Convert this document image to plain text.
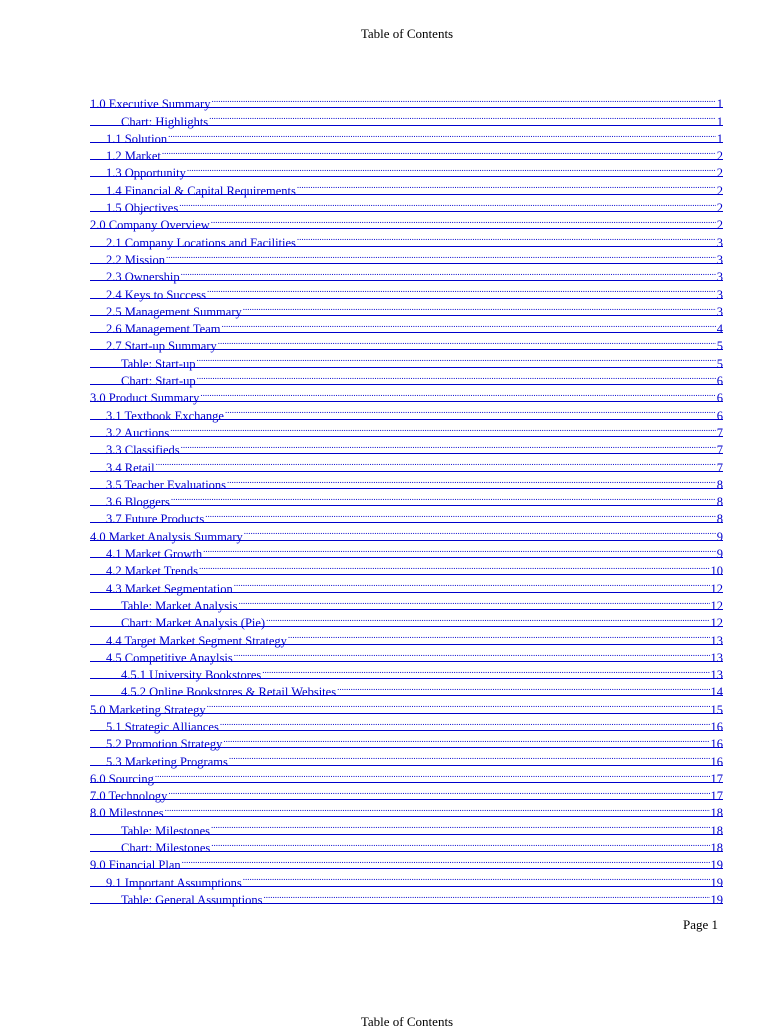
Table of Contents
1.0 Executive Summary .....	1
Chart: Highlights .....	1
1.1 Solution .....	1
1.2 Market .....	2
1.3 Opportunity .....	2
1.4 Financial & Capital Requirements .....	2
1.5 Objectives .....	2
2.0 Company Overview .....	2
2.1 Company Locations and Facilities .....	3
2.2 Mission .....	3
2.3 Ownership .....	3
2.4 Keys to Success .....	3
2.5 Management Summary .....	3
2.6 Management Team .....	4
2.7 Start-up Summary .....	5
Table: Start-up .....	5
Chart: Start-up .....	6
3.0 Product Summary .....	6
3.1 Textbook Exchange .....	6
3.2 Auctions .....	7
3.3 Classifieds .....	7
3.4 Retail .....	7
3.5 Teacher Evaluations .....	8
3.6 Bloggers .....	8
3.7 Future Products .....	8
4.0 Market Analysis Summary .....	9
4.1 Market Growth .....	9
4.2 Market Trends .....	10
4.3 Market Segmentation .....	12
Table: Market Analysis .....	12
Chart: Market Analysis (Pie) .....	12
4.4 Target Market Segment Strategy .....	13
4.5 Competitive Anaylsis .....	13
4.5.1 University Bookstores .....	13
4.5.2 Online Bookstores & Retail Websites .....	14
5.0 Marketing Strategy .....	15
5.1 Strategic Alliances .....	16
5.2 Promotion Strategy .....	16
5.3 Marketing Programs .....	16
6.0 Sourcing .....	17
7.0 Technology .....	17
8.0 Milestones .....	18
Table: Milestones .....	18
Chart: Milestones .....	18
9.0 Financial Plan .....	19
9.1 Important Assumptions .....	19
Table: General Assumptions .....	19
Page 1
Table of Contents
